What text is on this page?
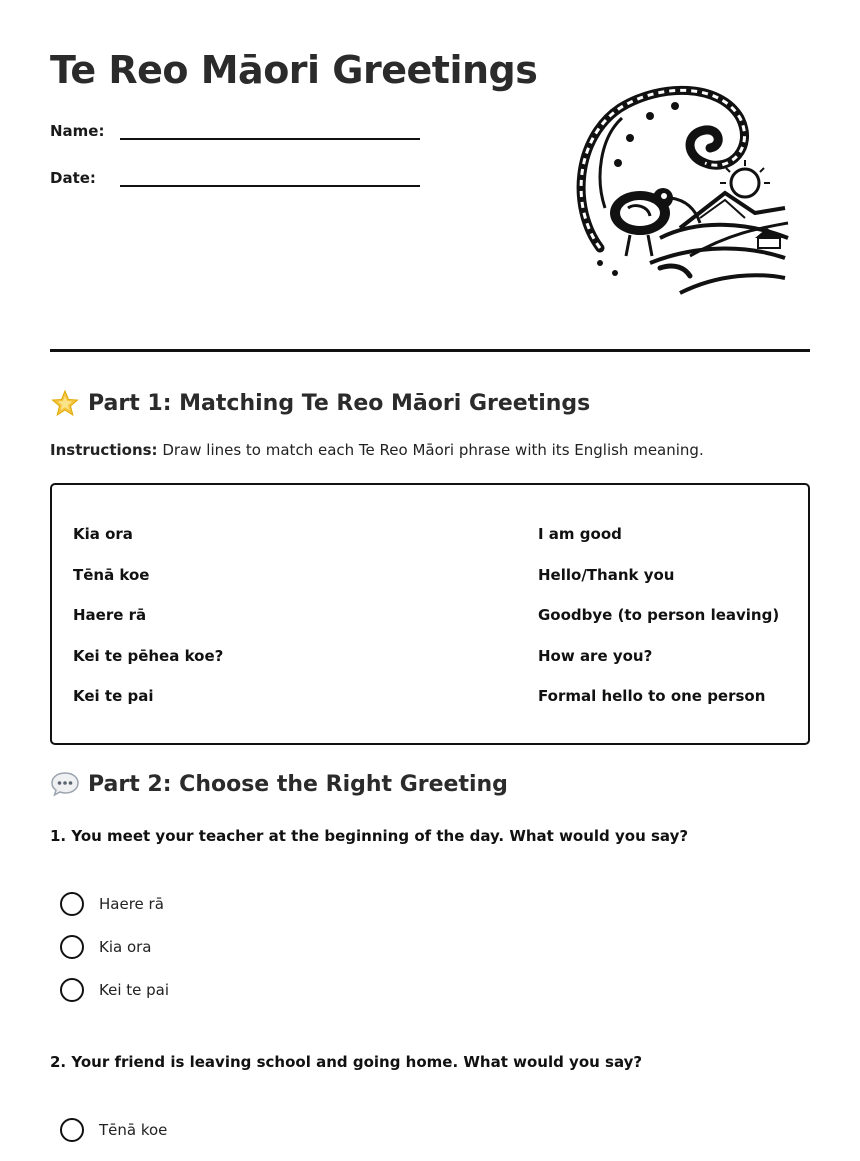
Te Reo Māori Greetings
Name:
Date:
Part 1: Matching Te Reo Māori Greetings

Instructions: Draw lines to match each Te Reo Māori phrase with its English meaning.

Kia ora
Tēnā koe
Haere rā
Kei te pēhea koe?
Kei te pai
I am good
Hello/Thank you
Goodbye (to person leaving)
How are you?
Formal hello to one person
Part 2: Choose the Right Greeting

1. You meet your teacher at the beginning of the day. What would you say?

Haere rā
Kia ora
Kei te pai

2. Your friend is leaving school and going home. What would you say?

Tēnā koe
